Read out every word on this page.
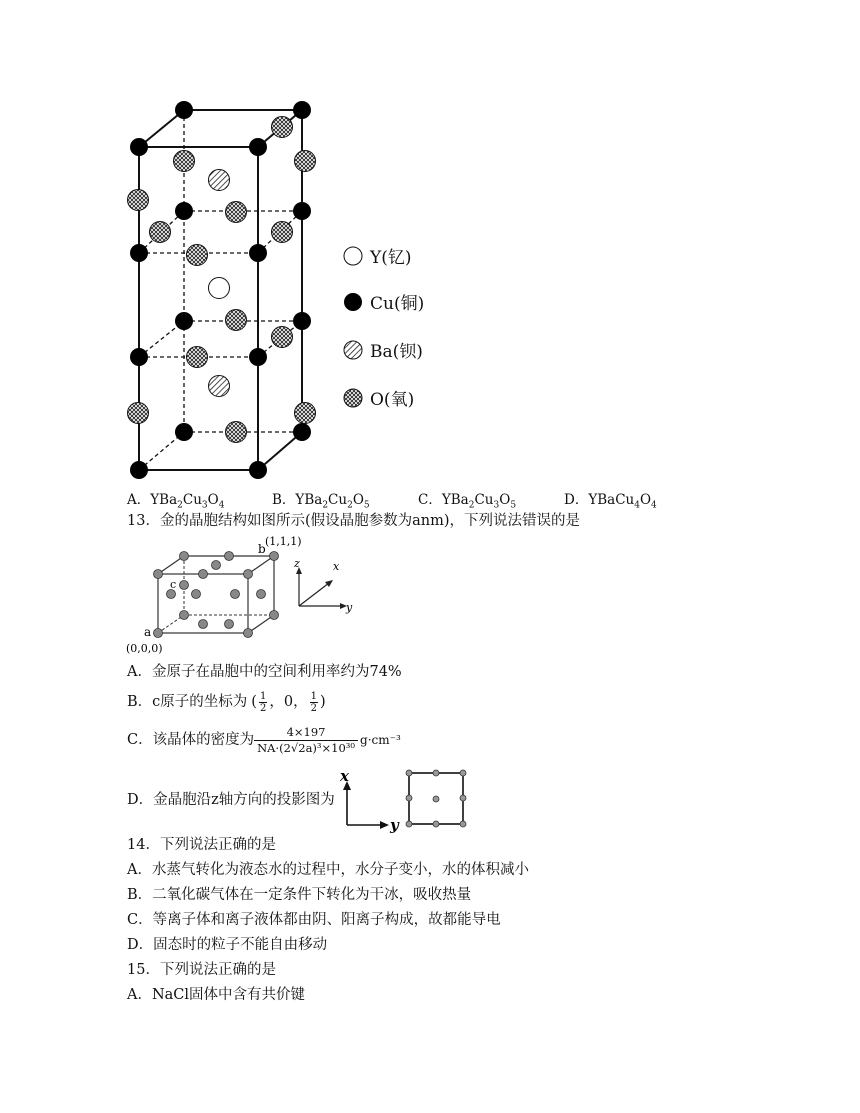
Y(钇)
Cu(铜)
Ba(钡)
O(氧)
A．$YBa_2Cu_3O_4$	B．$YBa_2Cu_2O_5$	C．$YBa_2Cu_3O_5$	D．$YBaCu_4O_4$
13．金的晶胞结构如图所示(假设晶胞参数为anm)，下列说法错误的是
b
(1,1,1)
c
a
(0,0,0)
z	x
y
A．金原子在晶胞中的空间利用率约为74%
B．c原子的坐标为 ( $\frac{1}{2}$ ， 0 ， $\frac{1}{2}$ )
C．该晶体的密度为
4×197
NA·(2√2a)³×10³⁰
g·cm⁻³
D．金晶胞沿z轴方向的投影图为
x
y
14．下列说法正确的是
A．水蒸气转化为液态水的过程中，水分子变小，水的体积减小
B．二氧化碳气体在一定条件下转化为干冰，吸收热量
C．等离子体和离子液体都由阴、阳离子构成，故都能导电
D．固态时的粒子不能自由移动
15．下列说法正确的是
A．NaCl固体中含有共价键
